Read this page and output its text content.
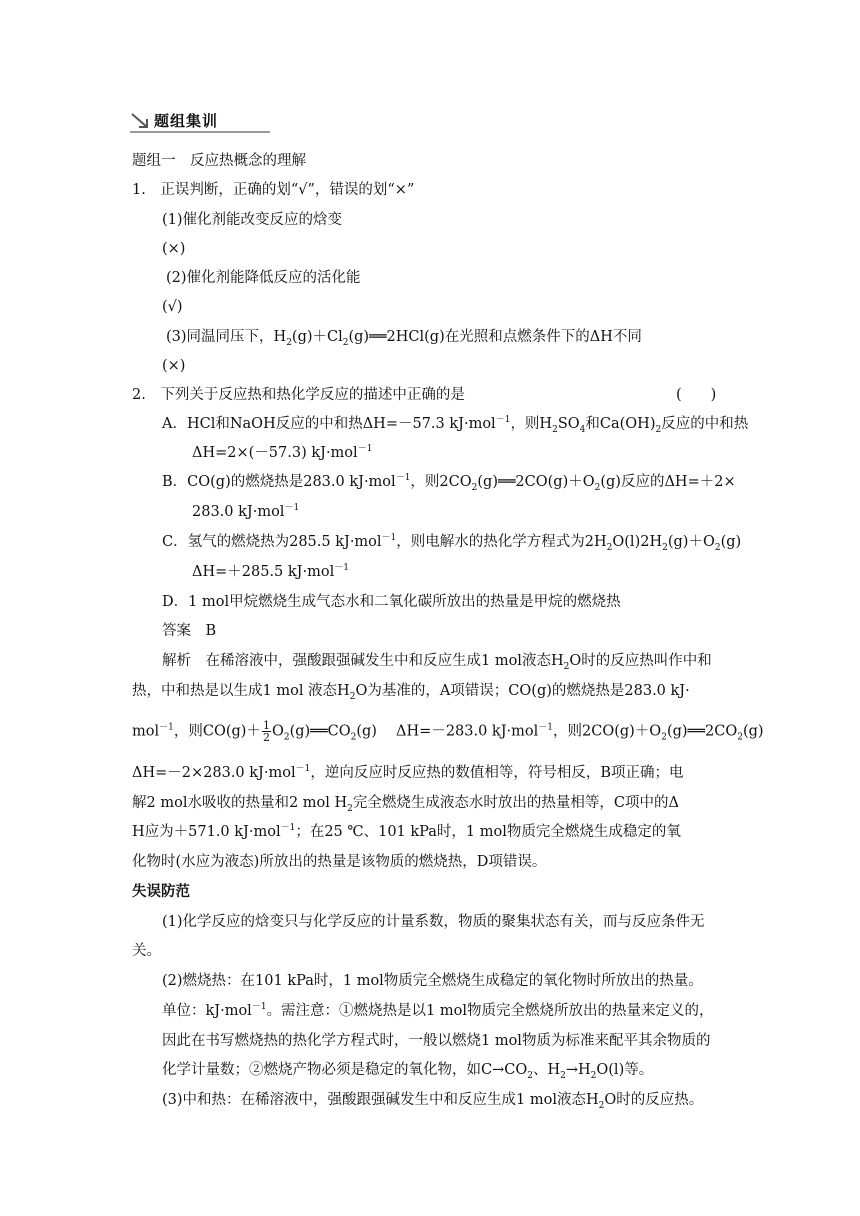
题组集训
题组一　反应热概念的理解
1.　正误判断，正确的划“√”，错误的划“×”
(1)催化剂能改变反应的焓变
(×)
(2)催化剂能降低反应的活化能
(√)
(3)同温同压下，$H_2(g)+Cl_2(g)══2HCl(g)$在光照和点燃条件下的ΔH不同
(×)
2.　下列关于反应热和热化学反应的描述中正确的是	(　　)
A．HCl和NaOH反应的中和热ΔH=－57.3 kJ·mol$^{-1}$，则$H_2SO_4$和$Ca(OH)_2$反应的中和热
ΔH=2×(－57.3) kJ·mol$^{-1}$
B．CO(g)的燃烧热是283.0 kJ·mol$^{-1}$，则$2CO_2(g)══2CO(g)+O_2(g)$反应的ΔH=＋2×
283.0 kJ·mol$^{-1}$
C．氢气的燃烧热为285.5 kJ·mol$^{-1}$，则电解水的热化学方程式为$2H_2O(l)2H_2(g)+O_2(g)$
ΔH=＋285.5 kJ·mol$^{-1}$
D．1 mol甲烷燃烧生成气态水和二氧化碳所放出的热量是甲烷的燃烧热
答案　B
解析　在稀溶液中，强酸跟强碱发生中和反应生成1 mol液态$H_2O$时的反应热叫作中和
热，中和热是以生成1 mol 液态$H_2O$为基准的，A项错误；CO(g)的燃烧热是283.0 kJ·
mol$^{-1}$，则$CO(g)+ \frac{1}{2}$ $O_2(g)══CO_2(g)$　 ΔH=－283.0 kJ·mol$^{-1}$，则$2CO(g)+O_2(g)══2CO_2(g)$
ΔH=－2×283.0 kJ·mol$^{-1}$，逆向反应时反应热的数值相等，符号相反，B项正确；电
解2 mol水吸收的热量和2 mol $H_2$完全燃烧生成液态水时放出的热量相等，C项中的Δ
H应为＋571.0 kJ·mol$^{-1}$；在25 ℃、101 kPa时，1 mol物质完全燃烧生成稳定的氧
化物时(水应为液态)所放出的热量是该物质的燃烧热，D项错误。
失误防范
(1)化学反应的焓变只与化学反应的计量系数，物质的聚集状态有关，而与反应条件无
关。
(2)燃烧热：在101 kPa时，1 mol物质完全燃烧生成稳定的氧化物时所放出的热量。
单位：kJ·mol$^{-1}$。需注意：①燃烧热是以1 mol物质完全燃烧所放出的热量来定义的，
因此在书写燃烧热的热化学方程式时，一般以燃烧1 mol物质为标准来配平其余物质的
化学计量数；②燃烧产物必须是稳定的氧化物，如$C\to CO_2$、$H_2\to H_2O(l)$等。
(3)中和热：在稀溶液中，强酸跟强碱发生中和反应生成1 mol液态$H_2O$时的反应热。
